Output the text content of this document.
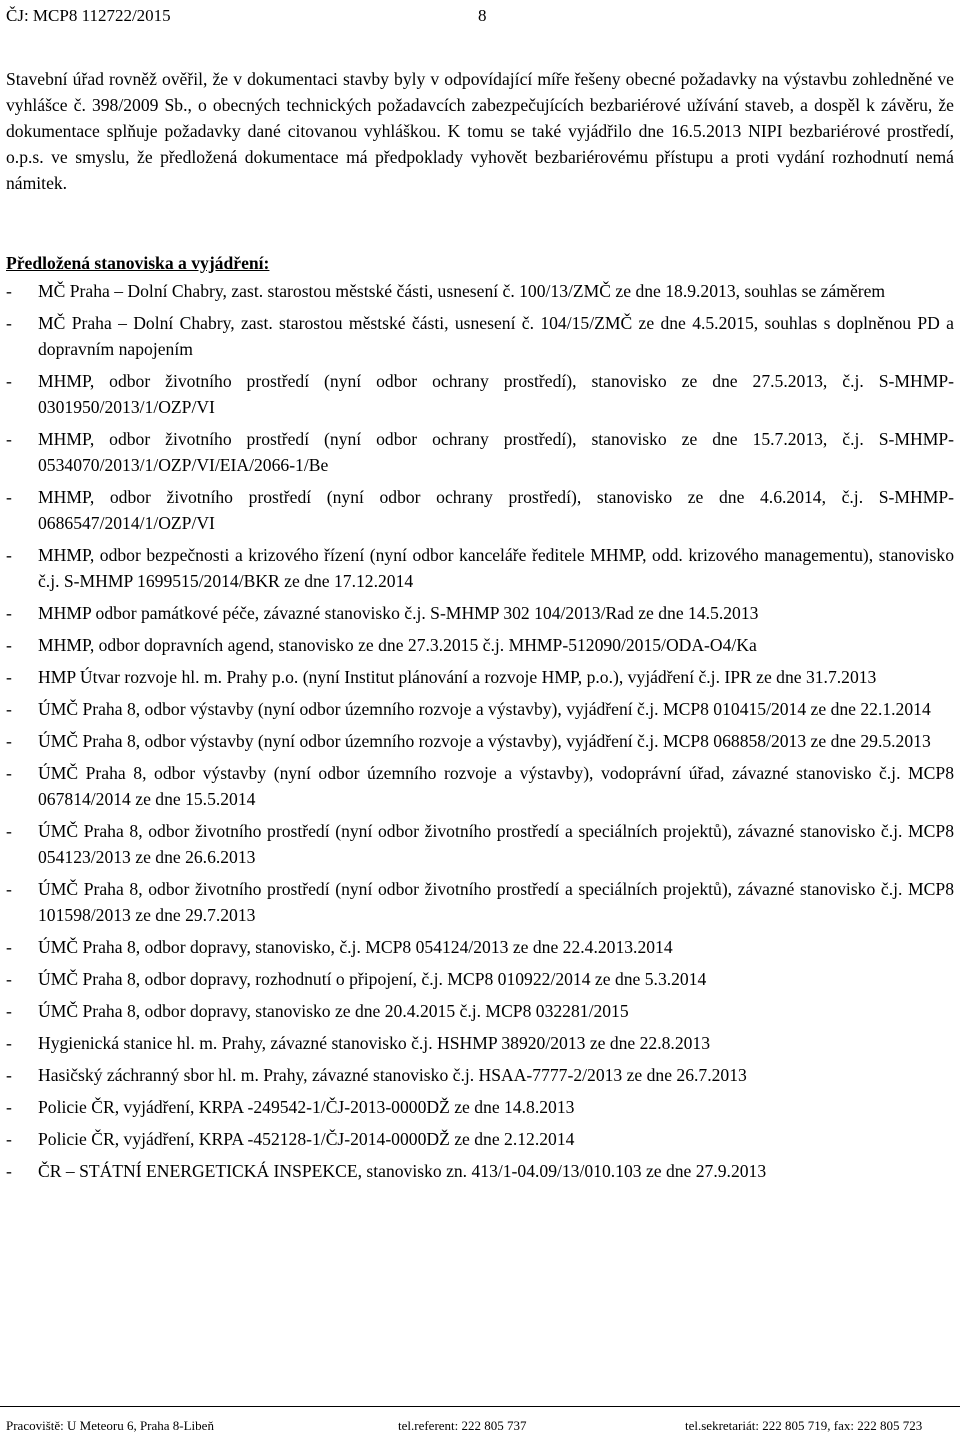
ČJ: MCP8 112722/2015	8

Stavební úřad rovněž ověřil, že v dokumentaci stavby byly v odpovídající míře řešeny obecné požadavky na výstavbu zohledněné ve vyhlášce č. 398/2009 Sb., o obecných technických požadavcích zabezpečujících bezbariérové užívání staveb, a dospěl k závěru, že dokumentace splňuje požadavky dané citovanou vyhláškou. K tomu se také vyjádřilo dne 16.5.2013 NIPI bezbariérové prostředí, o.p.s. ve smyslu, že předložená dokumentace má předpoklady vyhovět bezbariérovému přístupu a proti vydání rozhodnutí nemá námitek.

Předložená stanoviska a vyjádření:
- MČ Praha – Dolní Chabry, zast. starostou městské části, usnesení č. 100/13/ZMČ ze dne 18.9.2013, souhlas se záměrem
- MČ Praha – Dolní Chabry, zast. starostou městské části, usnesení č. 104/15/ZMČ ze dne 4.5.2015, souhlas s doplněnou PD a dopravním napojením
- MHMP, odbor životního prostředí (nyní odbor ochrany prostředí), stanovisko ze dne 27.5.2013, č.j. S-MHMP-0301950/2013/1/OZP/VI
- MHMP, odbor životního prostředí (nyní odbor ochrany prostředí), stanovisko ze dne 15.7.2013, č.j. S-MHMP-0534070/2013/1/OZP/VI/EIA/2066-1/Be
- MHMP, odbor životního prostředí (nyní odbor ochrany prostředí), stanovisko ze dne 4.6.2014, č.j. S-MHMP-0686547/2014/1/OZP/VI
- MHMP, odbor bezpečnosti a krizového řízení (nyní odbor kanceláře ředitele MHMP, odd. krizového managementu), stanovisko č.j. S-MHMP 1699515/2014/BKR ze dne 17.12.2014
- MHMP odbor památkové péče, závazné stanovisko č.j. S-MHMP 302 104/2013/Rad ze dne 14.5.2013
- MHMP, odbor dopravních agend, stanovisko ze dne 27.3.2015 č.j. MHMP-512090/2015/ODA-O4/Ka
- HMP Útvar rozvoje hl. m. Prahy p.o. (nyní Institut plánování a rozvoje HMP, p.o.), vyjádření č.j. IPR ze dne 31.7.2013
- ÚMČ Praha 8, odbor výstavby (nyní odbor územního rozvoje a výstavby), vyjádření č.j. MCP8 010415/2014 ze dne 22.1.2014
- ÚMČ Praha 8, odbor výstavby (nyní odbor územního rozvoje a výstavby), vyjádření č.j. MCP8 068858/2013 ze dne 29.5.2013
- ÚMČ Praha 8, odbor výstavby (nyní odbor územního rozvoje a výstavby), vodoprávní úřad, závazné stanovisko č.j. MCP8 067814/2014 ze dne 15.5.2014
- ÚMČ Praha 8, odbor životního prostředí (nyní odbor životního prostředí a speciálních projektů), závazné stanovisko č.j. MCP8 054123/2013 ze dne 26.6.2013
- ÚMČ Praha 8, odbor životního prostředí (nyní odbor životního prostředí a speciálních projektů), závazné stanovisko č.j. MCP8 101598/2013 ze dne 29.7.2013
- ÚMČ Praha 8, odbor dopravy, stanovisko, č.j. MCP8 054124/2013 ze dne 22.4.2013.2014
- ÚMČ Praha 8, odbor dopravy, rozhodnutí o připojení, č.j. MCP8 010922/2014 ze dne 5.3.2014
- ÚMČ Praha 8, odbor dopravy, stanovisko ze dne 20.4.2015 č.j. MCP8 032281/2015
- Hygienická stanice hl. m. Prahy, závazné stanovisko č.j. HSHMP 38920/2013 ze dne 22.8.2013
- Hasičský záchranný sbor hl. m. Prahy, závazné stanovisko č.j. HSAA-7777-2/2013 ze dne 26.7.2013
- Policie ČR, vyjádření, KRPA -249542-1/ČJ-2013-0000DŽ ze dne 14.8.2013
- Policie ČR, vyjádření, KRPA -452128-1/ČJ-2014-0000DŽ ze dne 2.12.2014
- ČR – STÁTNÍ ENERGETICKÁ INSPEKCE, stanovisko zn. 413/1-04.09/13/010.103 ze dne 27.9.2013
Pracoviště: U Meteoru 6, Praha 8-Libeň	tel.referent: 222 805 737	tel.sekretariát: 222 805 719, fax: 222 805 723
